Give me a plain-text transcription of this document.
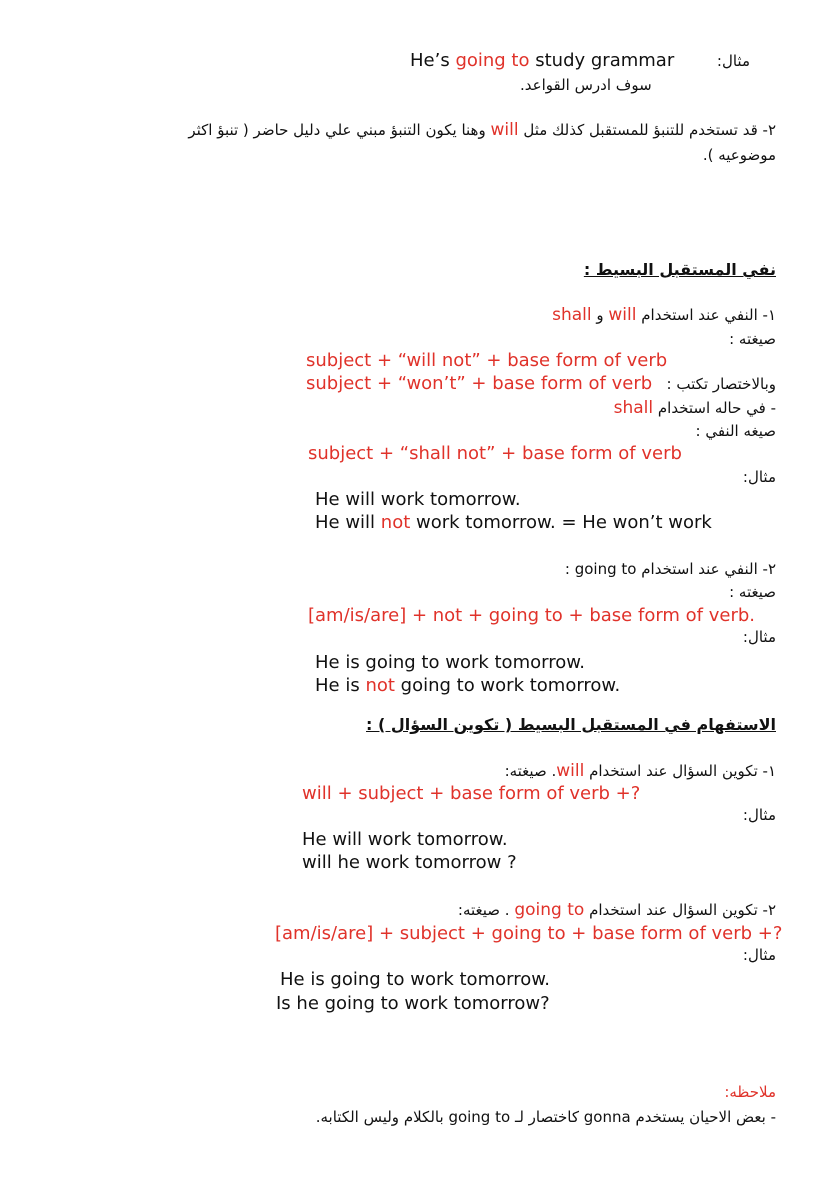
مثال:
He’s going to study grammar
سوف ادرس القواعد.
٢- قد تستخدم للتنبؤ للمستقبل كذلك مثل will وهنا يكون التنبؤ مبني علي دليل حاضر ( تنبؤ اكثر
موضوعيه ).
نفي المستقبل البسيط :
١- النفي عند استخدام will و shall
صيغته :
subject + “will not” + base form of verb
وبالاختصار تكتب :
subject + “won’t” + base form of verb
- في حاله استخدام shall
صيغه النفي :
subject + “shall not” + base form of verb
مثال:
He will work tomorrow.
He will not work tomorrow. = He won’t work
٢- النفي عند استخدام going to :
صيغته :
[am/is/are] + not + going to + base form of verb.
مثال:
He is going to work tomorrow.
He is not going to work tomorrow.
الاستفهام في المستقبل البسيط ( تكوين السؤال ) :
١- تكوين السؤال عند استخدام will. صيغته:
will + subject + base form of verb +?
مثال:
He will work tomorrow.
will he work tomorrow ?
٢- تكوين السؤال عند استخدام going to . صيغته:
[am/is/are] + subject + going to + base form of verb +?
مثال:
He is going to work tomorrow.
Is he going to work tomorrow?
ملاحظه:
- بعض الاحيان يستخدم gonna كاختصار لـ going to بالكلام وليس الكتابه.
